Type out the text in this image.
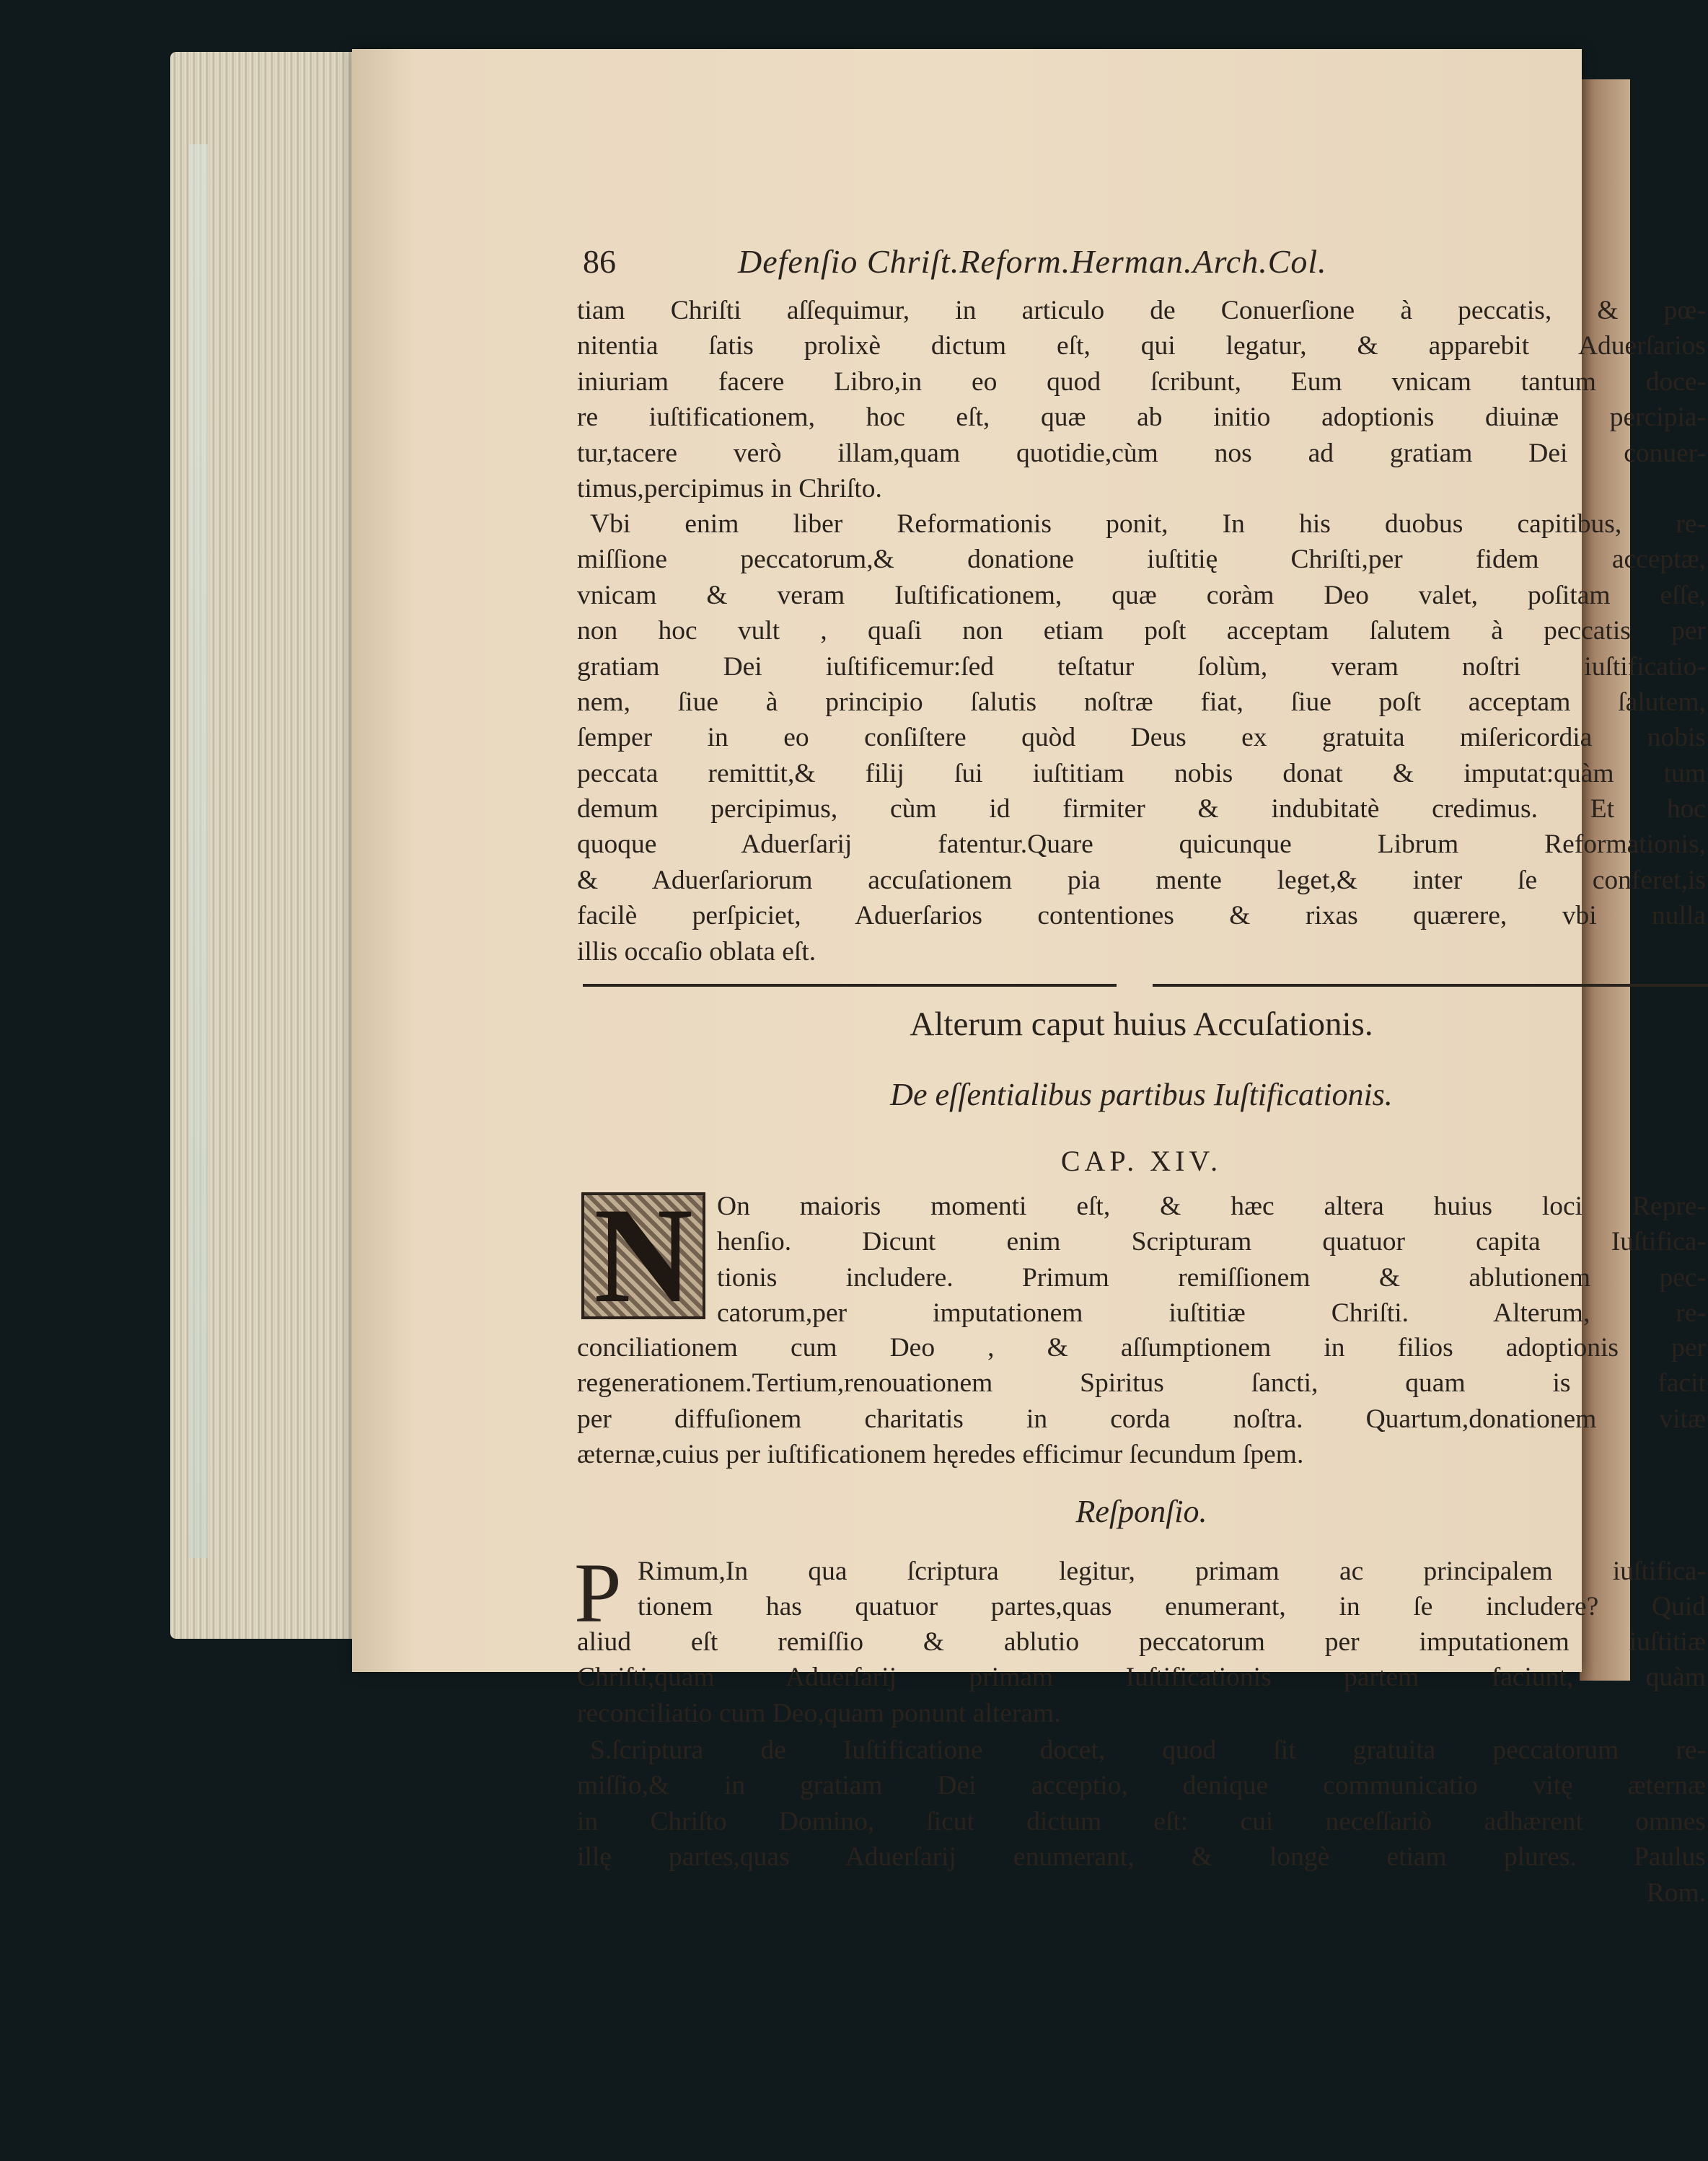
86	Defenſio Chriſt.Reform.Herman.Arch.Col.
tiam Chriſti aſſequimur, in articulo de Conuerſione à peccatis, & pœ-
nitentia ſatis prolixè dictum eſt, qui legatur, & apparebit Aduerſarios
iniuriam facere Libro,in eo quod ſcribunt, Eum vnicam tantum doce-
re iuſtificationem, hoc eſt, quæ ab initio adoptionis diuinæ percipia-
tur,tacere verò illam,quam quotidie,cùm nos ad gratiam Dei conuer-
timus,percipimus in Chriſto.
Vbi enim liber Reformationis ponit, In his duobus capitibus, re-
miſſione peccatorum,& donatione iuſtitię Chriſti,per fidem acceptæ,
vnicam & veram Iuſtificationem, quæ coràm Deo valet, poſitam eſſe,
non hoc vult , quaſi non etiam poſt acceptam ſalutem à peccatis per
gratiam Dei iuſtificemur:ſed teſtatur ſolùm, veram noſtri iuſtificatio-
nem, ſiue à principio ſalutis noſtræ fiat, ſiue poſt acceptam ſalutem,
ſemper in eo conſiſtere quòd Deus ex gratuita miſericordia nobis
peccata remittit,& filij ſui iuſtitiam nobis donat & imputat:quàm tum
demum percipimus, cùm id firmiter & indubitatè credimus. Et hoc
quoque Aduerſarij fatentur.Quare quicunque Librum Reformationis,
& Aduerſariorum accuſationem pia mente leget,& inter ſe conferet,is
facilè perſpiciet, Aduerſarios contentiones & rixas quærere, vbi nulla
illis occaſio oblata eſt.
Alterum caput huius Accuſationis.
De eſſentialibus partibus Iuſtificationis.
CAP. XIV.
N On maioris momenti eſt, & hæc altera huius loci Repre-
henſio. Dicunt enim Scripturam quatuor capita Iuſtifica-
tionis includere. Primum remiſſionem & ablutionem pec-
catorum,per imputationem iuſtitiæ Chriſti. Alterum, re-
conciliationem cum Deo , & aſſumptionem in filios adoptionis per
regenerationem.Tertium,renouationem Spiritus ſancti, quam is facit
per diffuſionem charitatis in corda noſtra. Quartum,donationem vitæ
æternæ,cuius per iuſtificationem hęredes efficimur ſecundum ſpem.
Reſponſio.
P Rimum,In qua ſcriptura legitur, primam ac principalem iuſtifica-
tionem has quatuor partes,quas enumerant, in ſe includere? Quid
aliud eſt remiſſio & ablutio peccatorum per imputationem iuſtitiæ
Chriſti,quam Aduerſarij primam Iuſtificationis partem faciunt, quàm
reconciliatio cum Deo,quam ponunt alteram.
S.ſcriptura de Iuſtificatione docet, quod ſit gratuita peccatorum re-
miſſio,& in gratiam Dei acceptio, denique communicatio vitę æternæ
in Chriſto Domino, ſicut dictum eſt: cui neceſſariò adhærent omnes
illę partes,quas Aduerſarij enumerant, & longè etiam plures. Paulus
Rom.
